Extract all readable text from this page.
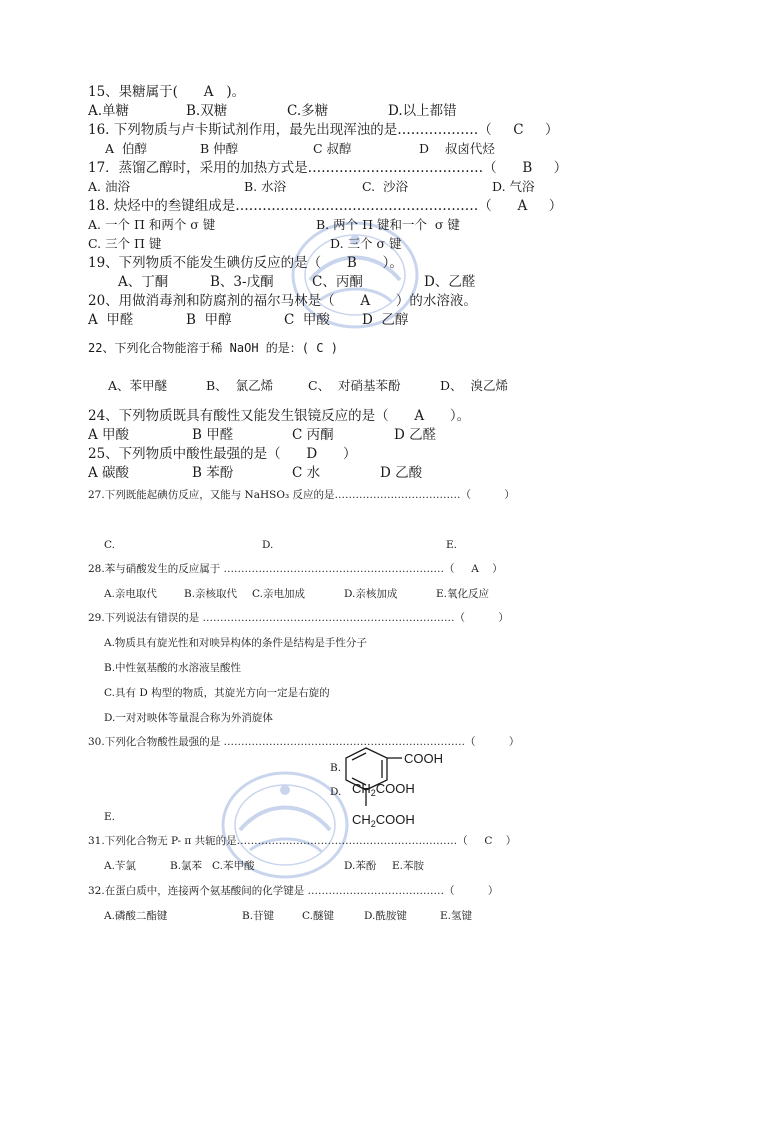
15、果糖属于(      A   )。
A.单糖	B.双糖	C.多糖	D.以上都错
16. 下列物质与卢卡斯试剂作用，最先出现浑浊的是………………（     C     ）
A  伯醇	B 仲醇	C 叔醇	D    叔卤代烃
17．蒸馏乙醇时，采用的加热方式是…………………………………（      B     ）
A. 油浴	B. 水浴	C.  沙浴	D. 气浴
18. 炔烃中的叁键组成是………………………………………………（      A     ）
A. 一个 Π 和两个 σ 键	B. 两个 Π 键和一个  σ 键
C. 三个 Π 键	D. 三个 σ 键
19、下列物质不能发生碘仿反应的是（      B      ）。
A、丁酮	B、3-戊酮	C、丙酮	D、乙醛
20、用做消毒剂和防腐剂的福尔马林是（      A      ）的水溶液。
A  甲醛	B  甲醇	C  甲酸 D  乙醇
22、下列化合物能溶于稀 NaOH 的是：( C )
A、苯甲醚	B、  氯乙烯	C、  对硝基苯酚	D、  溴乙烯
24、下列物质既具有酸性又能发生银镜反应的是（      A      ）。
A 甲酸	B 甲醛	C 丙酮	D 乙醛
25、下列物质中酸性最强的是（      D      ）
A 碳酸	B 苯酚	C 水	D 乙酸
27.下列既能起碘仿反应，又能与 NaHSO₃ 反应的是………………………………（          ）
C.	D.	E.
28.苯与硝酸发生的反应属于 ………………………………………………………（     A    ）
A.亲电取代	B.亲核取代 C.亲电加成	D.亲核加成	E.氧化反应
29.下列说法有错误的是 ………………………………………………………………（          ）
A.物质具有旋光性和对映异构体的条件是结构是手性分子
B.中性氨基酸的水溶液呈酸性
C.具有 D 构型的物质，其旋光方向一定是右旋的
D.一对对映体等量混合称为外消旋体
30.下列化合物酸性最强的是 ……………………………………………………………（          ）
B.
D.
E.
COOH
$CH_2COOH$
$CH_2COOH$
31.下列化合物无 P- π 共轭的是………………………………………………………（     C    ）
A.苄氯	B.氯苯 C.苯甲酸	D.苯酚 E.苯胺
32.在蛋白质中，连接两个氨基酸间的化学键是 …………………………………（          ）
A.磷酸二酯键	B.苷键	C.醚键	D.酰胺键	E.氢键
